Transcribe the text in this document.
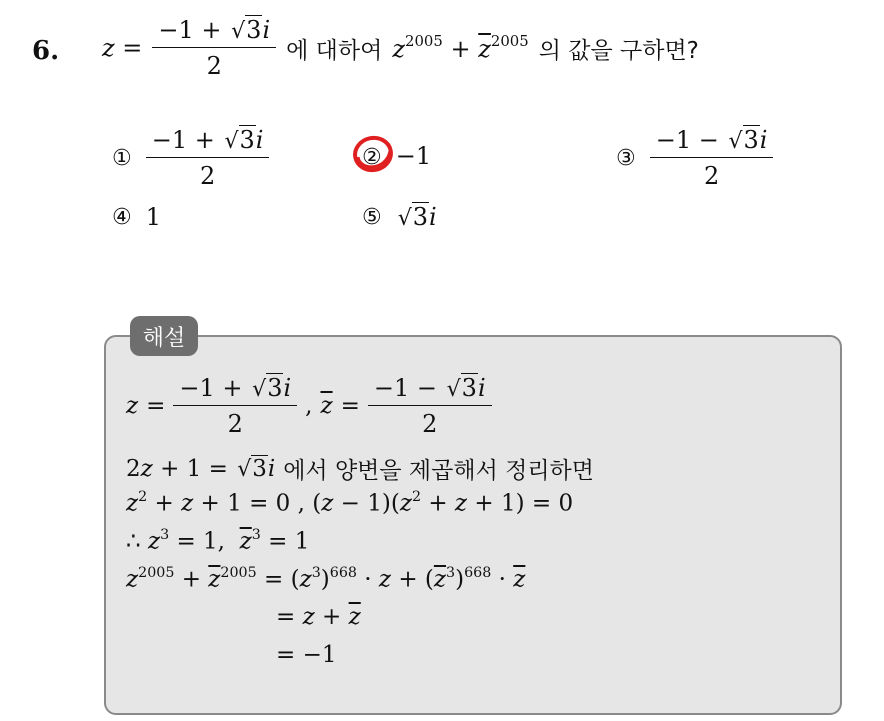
6. $z = \frac{-1 + √3i}{2}$ 에 대하여 $z^{2005} + \overline{z}^{2005}$ 의 값을 구하면?
① $\frac{-1 + √3i}{2}$	② −1	③ $\frac{-1 - √3i}{2}$
④ 1	⑤ √3i
해설
$z = \frac{-1 + √3i}{2}$ , $\overline{z} = \frac{-1 - √3i}{2}$
2z + 1 = √3i 에서 양변을 제곱해서 정리하면
$z^2 + z + 1 = 0$ , $(z - 1)(z^2 + z + 1) = 0$
∴ $z^3 = 1$,  $\overline{z}^3 = 1$
$z^{2005} + \overline{z}^{2005} = (z^3)^{668} \cdot z + (\overline{z}^3)^{668} \cdot \overline{z}$
= $z + \overline{z}$
= −1
